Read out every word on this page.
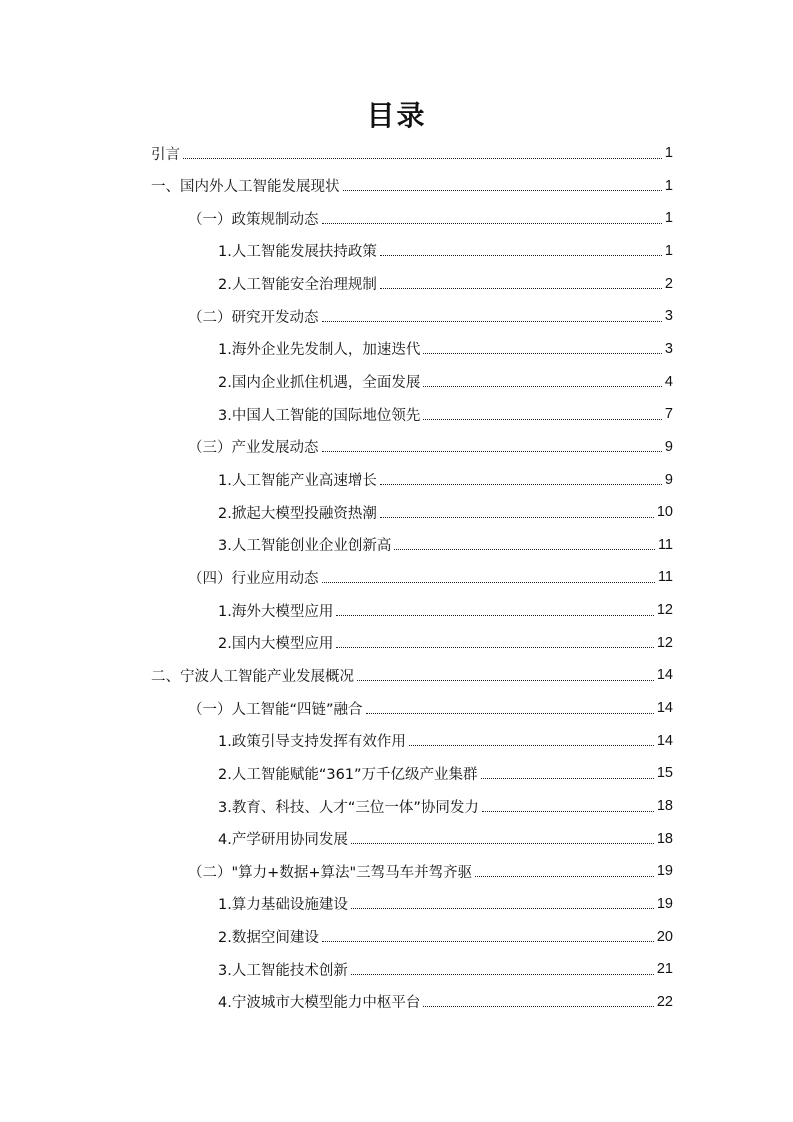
目录
引言	1
一、国内外人工智能发展现状	1
（一）政策规制动态	1
1.人工智能发展扶持政策	1
2.人工智能安全治理规制	2
（二）研究开发动态	3
1.海外企业先发制人，加速迭代	3
2.国内企业抓住机遇，全面发展	4
3.中国人工智能的国际地位领先	7
（三）产业发展动态	9
1.人工智能产业高速增长	9
2.掀起大模型投融资热潮	10
3.人工智能创业企业创新高	11
（四）行业应用动态	11
1.海外大模型应用	12
2.国内大模型应用	12
二、宁波人工智能产业发展概况	14
（一）人工智能“四链”融合	14
1.政策引导支持发挥有效作用	14
2.人工智能赋能“361”万千亿级产业集群	15
3.教育、科技、人才“三位一体”协同发力	18
4.产学研用协同发展	18
（二）"算力+数据+算法"三驾马车并驾齐驱	19
1.算力基础设施建设	19
2.数据空间建设	20
3.人工智能技术创新	21
4.宁波城市大模型能力中枢平台	22
